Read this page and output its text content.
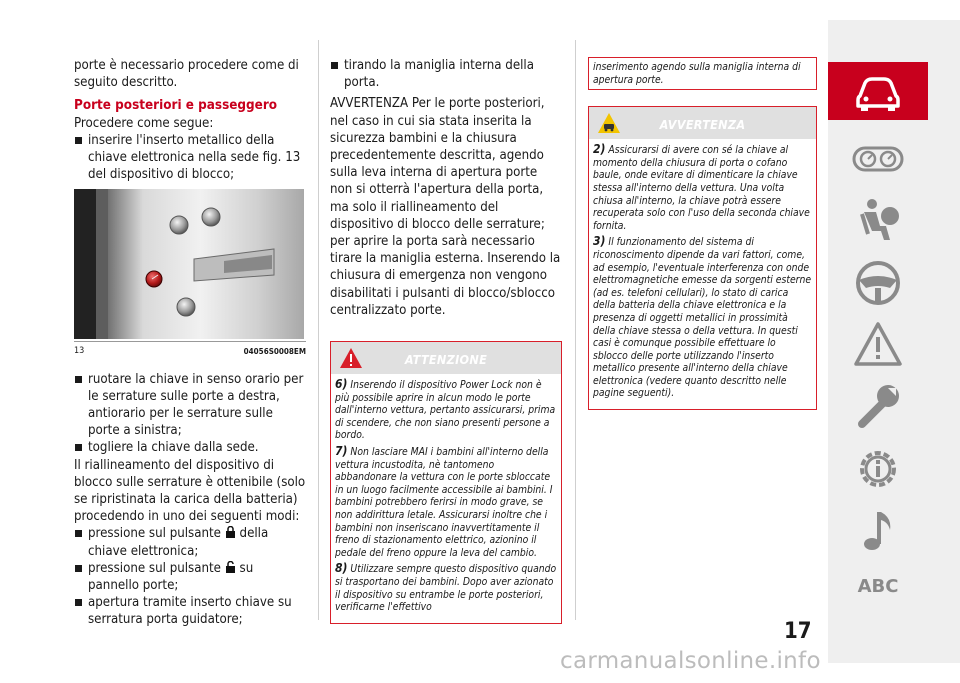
porte è necessario procedere come di seguito descritto.

Porte posteriori e passeggero

Procedere come segue:

inserire l'inserto metallico della chiave elettronica nella sede fig. 13 del dispositivo di blocco;

13	04056S0008EM

ruotare la chiave in senso orario per le serrature sulle porte a destra, antiorario per le serrature sulle porte a sinistra;

togliere la chiave dalla sede.

Il riallineamento del dispositivo di blocco sulle serrature è ottenibile (solo se ripristinata la carica della batteria) procedendo in uno dei seguenti modi:

pressione sul pulsante della chiave elettronica;

pressione sul pulsante su pannello porte;

apertura tramite inserto chiave su serratura porta guidatore;

tirando la maniglia interna della porta.

AVVERTENZA Per le porte posteriori, nel caso in cui sia stata inserita la sicurezza bambini e la chiusura precedentemente descritta, agendo sulla leva interna di apertura porte non si otterrà l'apertura della porta, ma solo il riallineamento del dispositivo di blocco delle serrature; per aprire la porta sarà necessario tirare la maniglia esterna. Inserendo la chiusura di emergenza non vengono disabilitati i pulsanti di blocco/sblocco centralizzato porte.

ATTENZIONE

6) Inserendo il dispositivo Power Lock non è più possibile aprire in alcun modo le porte dall'interno vettura, pertanto assicurarsi, prima di scendere, che non siano presenti persone a bordo.

7) Non lasciare MAI i bambini all'interno della vettura incustodita, nè tantomeno abbandonare la vettura con le porte sbloccate in un luogo facilmente accessibile ai bambini. I bambini potrebbero ferirsi in modo grave, se non addirittura letale. Assicurarsi inoltre che i bambini non inseriscano inavvertitamente il freno di stazionamento elettrico, azionino il pedale del freno oppure la leva del cambio.

8) Utilizzare sempre questo dispositivo quando si trasportano dei bambini. Dopo aver azionato il dispositivo su entrambe le porte posteriori, verificarne l'effettivo

inserimento agendo sulla maniglia interna di apertura porte.
AVVERTENZA

2) Assicurarsi di avere con sé la chiave al momento della chiusura di porta o cofano baule, onde evitare di dimenticare la chiave stessa all'interno della vettura. Una volta chiusa all'interno, la chiave potrà essere recuperata solo con l'uso della seconda chiave fornita.

3) Il funzionamento del sistema di riconoscimento dipende da vari fattori, come, ad esempio, l'eventuale interferenza con onde elettromagnetiche emesse da sorgenti esterne (ad es. telefoni cellulari), lo stato di carica della batteria della chiave elettronica e la presenza di oggetti metallici in prossimità della chiave stessa o della vettura. In questi casi è comunque possibile effettuare lo sblocco delle porte utilizzando l'inserto metallico presente all'interno della chiave elettronica (vedere quanto descritto nelle pagine seguenti).

ABC
17
carmanualsonline.info
